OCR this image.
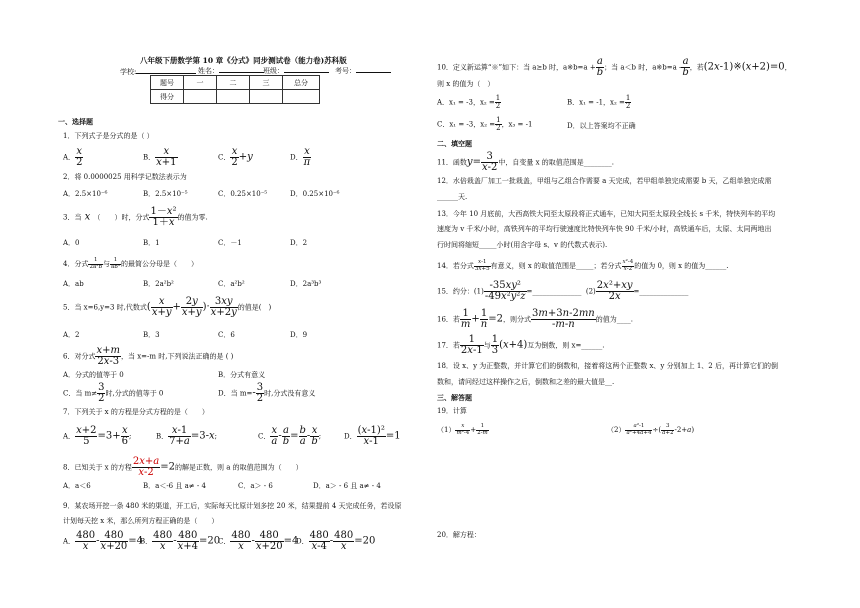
八年级下册数学第 10 章《分式》同步测试卷（能力卷)苏科版
学校:	姓名：	班级：	考号：
题号	一	二	三	总分
得分				
一、选择题
1．下列式子是分式的是（ ）
A． $\frac{x}{2}$	B． $\frac{x}{x+1}$	C． $\frac{x}{2} +y$	D． $\frac{x}{\pi}$
2．将 0.0000025 用科学记数法表示为
A．2.5×10⁻⁶	B．2.5×10⁻⁵	C．0.25×10⁻⁵	D．0.25×10⁻⁶
3．当 x （　　）时，分式 $\frac{\text{1－x²}}{1+x}$ 的值为零.
A．0	B．1	C．－1	D．2
4．分式 $\frac{1}{\text{2a²b}}$ 与 $\frac{1}{\text{ab³}}$ 的最简公分母是（　　）
A．ab	B．2a²b²	C．a²b²	D．2a³b³
5．当 x=6,y=3 时,代数式( $\frac{x}{x+y} + \frac{2y}{x+y}$ )· $\frac{3xy}{x+2y}$ 的值是(　)
A．2	B．3	C．6	D．9
6．对分式 $\frac{x+m}{2x-3}$ ，当 x=-m 时,下列说法正确的是 ( )
A．分式的值等于 0	B．分式有意义
C．当 $m\ne \frac{3}{2}$ 时,分式的值等于 0	D．当 $m=- \frac{3}{2}$ 时,分式没有意义
7．下列关于 x 的方程是分式方程的是（　　）
A． $\frac{x+2}{5} =3+ \frac{x}{6}$ ;	B． $\frac{x-1}{7+a} =3-x$;	C． $\frac{x}{a} - \frac{a}{b} = \frac{b}{a} - \frac{x}{b}$ ;	D． $\frac{\text{(x-1)²}}{x-1} =1$
8．已知关于 x 的方程 $\frac{2x+a}{x-2} =2$的解是正数，则 a 的取值范围为（　　）
A．a＜6	B．a＜-6 且 a≠ - 4	C．a＞ - 6	D．a＞ - 6 且 a≠ - 4
9．某农场开挖一条 480 米的渠道，开工后，实际每天比原计划多挖 20 米，结果提前 4 天完成任务，若设原
计划每天挖 x 米，那么所列方程正确的是（　　）
A． $\frac{480}{x} - \frac{480}{x+20} =4$
B． $\frac{480}{x} - \frac{480}{x+4} =20$
C． $\frac{480}{x} - \frac{480}{x+20} =4$
D． $\frac{480}{x-4} - \frac{480}{x} =20$
10．定义新运算“※”如下：当 a≥b 时，a※b=a + $\frac{a}{b}$ ；当 a＜b 时，a※b=a - $\frac{a}{b}$ ，若(2x-1)※(x+2)=0，
则 x 的值为（　）
A．x₁ = -3，$x_2 = \frac{1}{2}$	B．x₁ = -1，$x_2 = \frac{1}{2}$
C．x₁ = -3，$x_2 = \frac{1}{2}$ ，x₃ = -1	D．以上答案均不正确
二、填空题
11．函数$y= \frac{3}{x-2}$ 中，自变量 x 的取值范围是________.
12．水倍栽盖厂加工一批栽盖，甲组与乙组合作需要 a 天完成，若甲组单独完成需要 b 天，乙组单独完成需
______天.
13．今年 10 月底前，大西高铁大同至太原段将正式通车，已知大同至太原段全线长 s 千米，特快列车的平均
速度为 v 千米/小时，高铁列车的平均行驶速度比特快列车快 90 千米/小时，高铁通车后，太原、太同两地出
行时间将缩短_____小时(用含字母 s、v 的代数式表示).
14．若分式 $\frac{x-1}{3x+5}$ 有意义，则 x 的取值范围是_____；若分式 $\frac{\text{x²-4}}{x-2}$ 的值为 0，则 x 的值为______.
15．约分：$(1) \frac{\text{-35xy²}}{\text{-49x²y²z}}$ =______________ $(2) \frac{\text{2x²+xy}}{2x}$ =______________
16．若 $\frac{1}{m} + \frac{1}{n} =2$，则分式 $\frac{3m+3n-2mn}{-m-n}$ 的值为____.
17．若 $\frac{1}{2x-1}$ 与 $\frac{1}{3} (x+4)$互为倒数，则 x=______.
18．设 x、y 为正整数，并计算它们的倒数和，接着将这两个正整数 x、y 分别加上 1、2 后，再计算它们的倒
数和，请问经过这样操作之后，倒数和之差的最大值是__.
三、解答题
19．计算
$(1) \frac{x}{\text{m²-4}} + \frac{1}{2-m}$	$(2) \frac{\text{a²-1}}{\text{a²+4a+4}}$ ÷( $\frac{3}{a+2} -2+a$)
20．解方程：
